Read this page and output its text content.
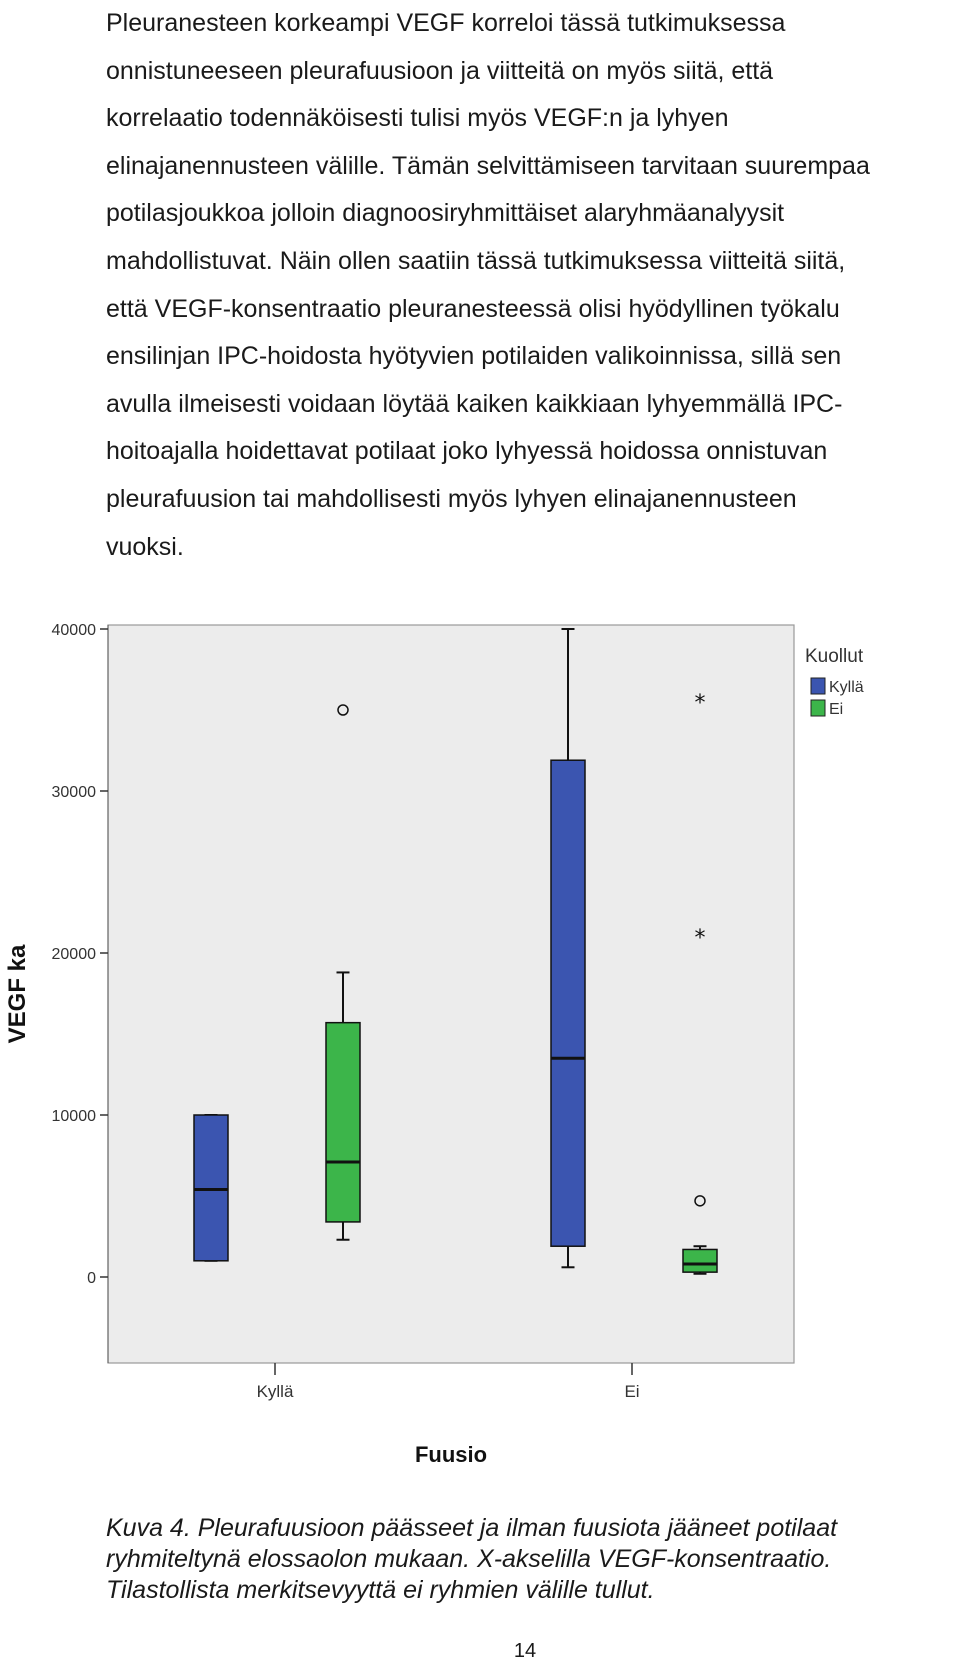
Pleuranesteen korkeampi VEGF korreloi tässä tutkimuksessa
onnistuneeseen pleurafuusioon ja viitteitä on myös siitä, että
korrelaatio todennäköisesti tulisi myös VEGF:n ja lyhyen
elinajanennusteen välille. Tämän selvittämiseen tarvitaan suurempaa
potilasjoukkoa jolloin diagnoosiryhmittäiset alaryhmäanalyysit
mahdollistuvat. Näin ollen saatiin tässä tutkimuksessa viitteitä siitä,
että VEGF-konsentraatio pleuranesteessä olisi hyödyllinen työkalu
ensilinjan IPC-hoidosta hyötyvien potilaiden valikoinnissa, sillä sen
avulla ilmeisesti voidaan löytää kaiken kaikkiaan lyhyemmällä IPC-
hoitoajalla hoidettavat potilaat joko lyhyessä hoidossa onnistuvan
pleurafuusion tai mahdollisesti myös lyhyen elinajanennusteen
vuoksi.
0
10000
20000
30000
40000
Kyllä	Ei
*
*
VEGF ka
Fuusio
Kuollut
Kyllä
Ei
Kuva 4. Pleurafuusioon päässeet ja ilman fuusiota jääneet potilaat
ryhmiteltynä elossaolon mukaan. X-akselilla VEGF-konsentraatio.
Tilastollista merkitsevyyttä ei ryhmien välille tullut.
14
